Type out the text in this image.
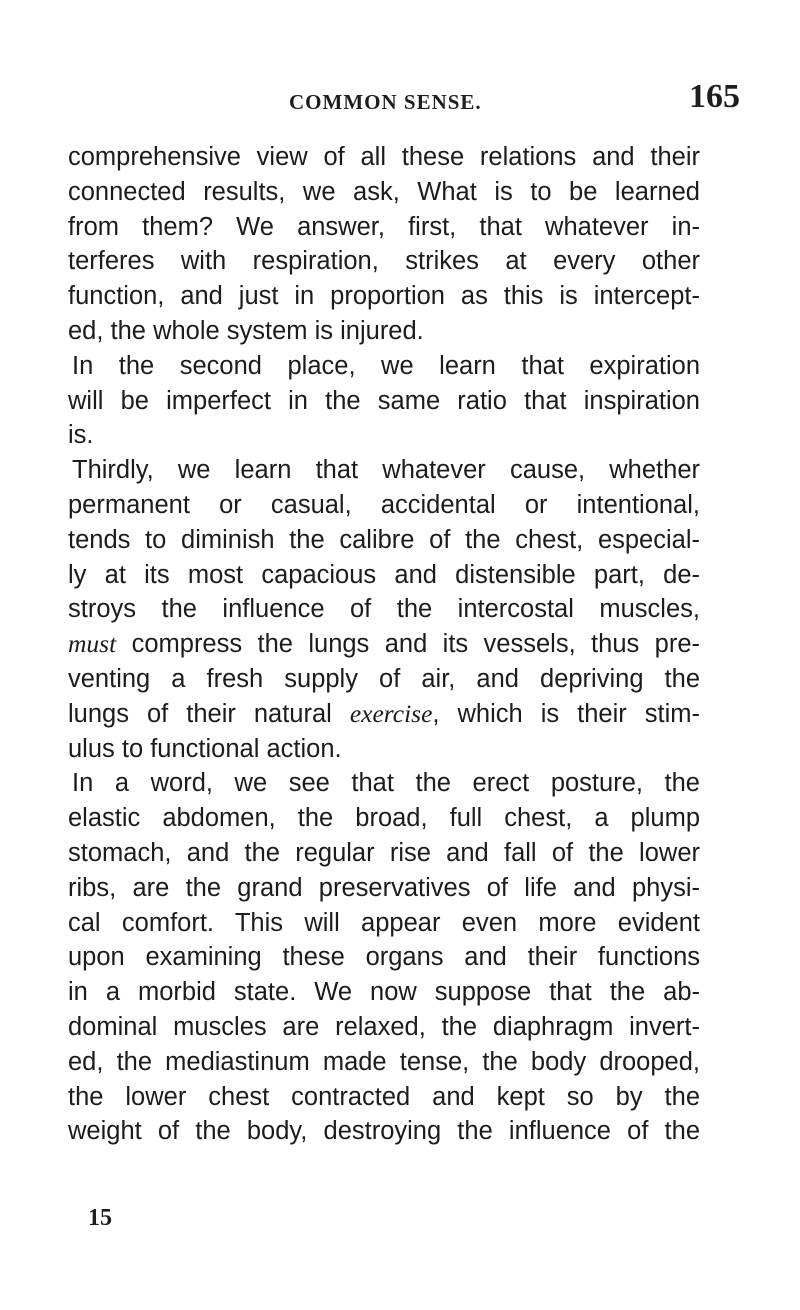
COMMON SENSE.	165
comprehensive view of all these relations and their
connected results, we ask, What is to be learned
from them? We answer, first, that whatever in-
terferes with respiration, strikes at every other
function, and just in proportion as this is intercept-
ed, the whole system is injured.
In the second place, we learn that expiration
will be imperfect in the same ratio that inspiration
is.
Thirdly, we learn that whatever cause, whether
permanent or casual, accidental or intentional,
tends to diminish the calibre of the chest, especial-
ly at its most capacious and distensible part, de-
stroys the influence of the intercostal muscles,
must compress the lungs and its vessels, thus pre-
venting a fresh supply of air, and depriving the
lungs of their natural exercise, which is their stim-
ulus to functional action.
In a word, we see that the erect posture, the
elastic abdomen, the broad, full chest, a plump
stomach, and the regular rise and fall of the lower
ribs, are the grand preservatives of life and physi-
cal comfort. This will appear even more evident
upon examining these organs and their functions
in a morbid state. We now suppose that the ab-
dominal muscles are relaxed, the diaphragm invert-
ed, the mediastinum made tense, the body drooped,
the lower chest contracted and kept so by the
weight of the body, destroying the influence of the
15
